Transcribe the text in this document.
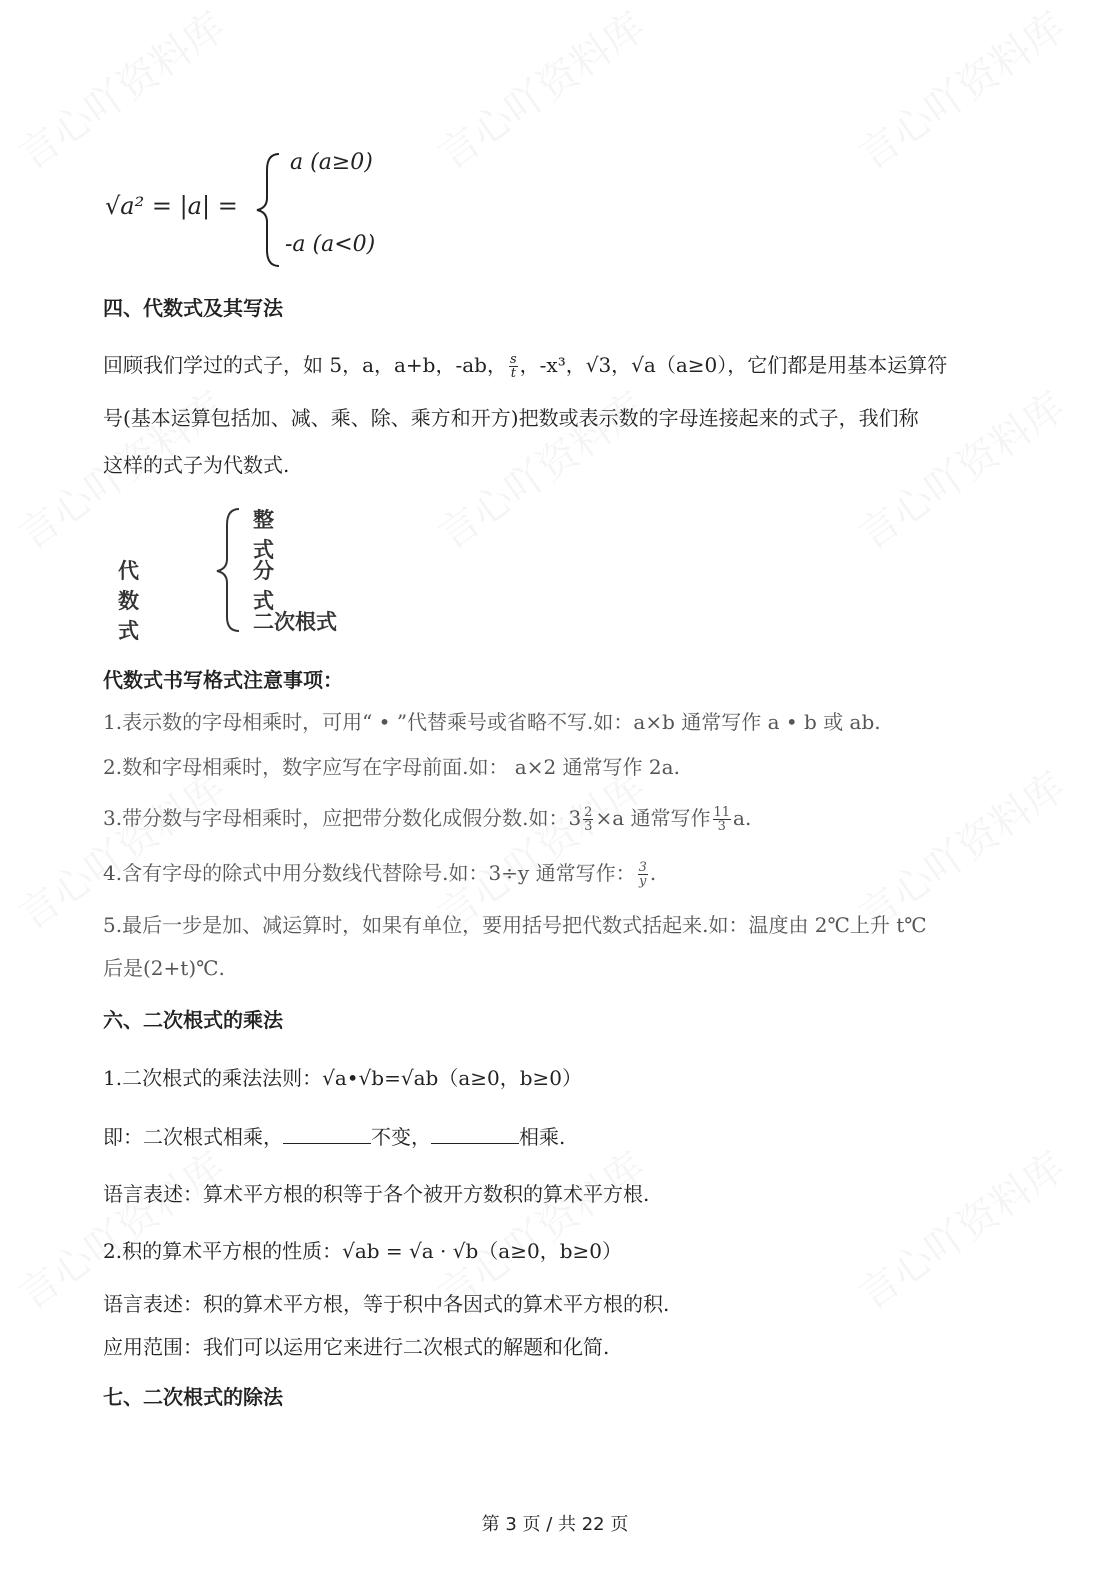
√a² = |a| =
a (a≥0)
-a (a<0)
四、代数式及其写法
回顾我们学过的式子，如 5，a，a+b，-ab， $\frac{s}{t}$ ，-x³，√3，√a（a≥0），它们都是用基本运算符
号(基本运算包括加、减、乘、除、乘方和开方)把数或表示数的字母连接起来的式子，我们称
这样的式子为代数式.
代数式
整式
分式
二次根式
代数式书写格式注意事项：
1.表示数的字母相乘时，可用“ • ”代替乘号或省略不写.如：a×b 通常写作 a • b 或 ab.
2.数和字母相乘时，数字应写在字母前面.如： a×2 通常写作 2a.
3.带分数与字母相乘时，应把带分数化成假分数.如：$3 \frac{2}{3} \times a$ 通常写作 $\frac{11}{3} a$.
4.含有字母的除式中用分数线代替除号.如：3÷y 通常写作： $\frac{3}{y}$ .
5.最后一步是加、减运算时，如果有单位，要用括号把代数式括起来.如：温度由 2℃上升 t℃
后是(2+t)℃.
六、二次根式的乘法
1.二次根式的乘法法则：√a•√b=√ab（a≥0，b≥0）
即：二次根式相乘，	不变，	相乘.
语言表述：算术平方根的积等于各个被开方数积的算术平方根.
2.积的算术平方根的性质：√ab = √a · √b（a≥0，b≥0）
语言表述：积的算术平方根，等于积中各因式的算术平方根的积.
应用范围：我们可以运用它来进行二次根式的解题和化简.
七、二次根式的除法
第 3 页 / 共 22 页
